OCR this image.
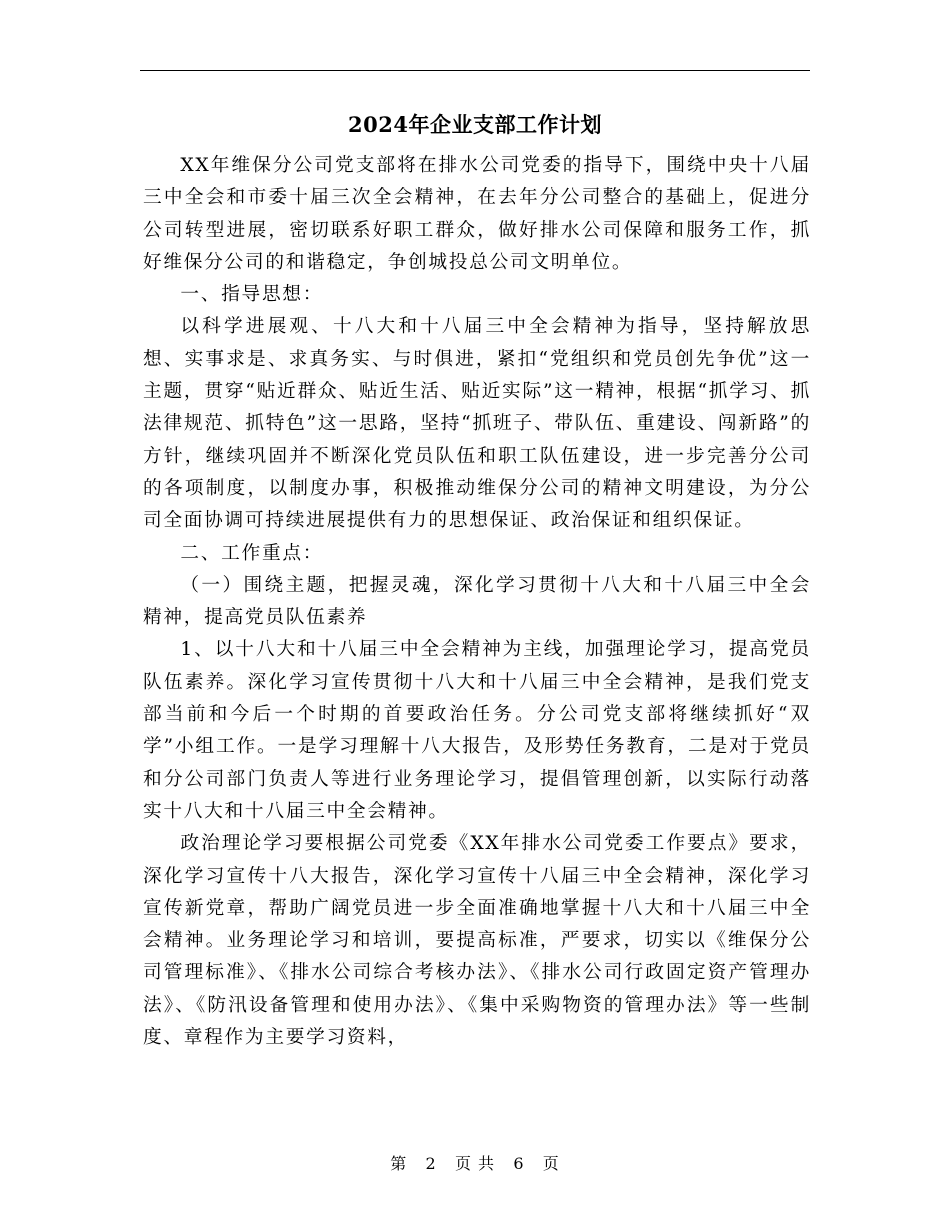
2024年企业支部工作计划

XX年维保分公司党支部将在排水公司党委的指导下，围绕中央十八届三中全会和市委十届三次全会精神，在去年分公司整合的基础上，促进分公司转型进展，密切联系好职工群众，做好排水公司保障和服务工作，抓好维保分公司的和谐稳定，争创城投总公司文明单位。

一、指导思想：

以科学进展观、十八大和十八届三中全会精神为指导，坚持解放思想、实事求是、求真务实、与时俱进，紧扣“党组织和党员创先争优”这一主题，贯穿“贴近群众、贴近生活、贴近实际”这一精神，根据“抓学习、抓法律规范、抓特色”这一思路，坚持“抓班子、带队伍、重建设、闯新路”的方针，继续巩固并不断深化党员队伍和职工队伍建设，进一步完善分公司的各项制度，以制度办事，积极推动维保分公司的精神文明建设，为分公司全面协调可持续进展提供有力的思想保证、政治保证和组织保证。

二、工作重点：

（一）围绕主题，把握灵魂，深化学习贯彻十八大和十八届三中全会精神，提高党员队伍素养

1、以十八大和十八届三中全会精神为主线，加强理论学习，提高党员队伍素养。深化学习宣传贯彻十八大和十八届三中全会精神，是我们党支部当前和今后一个时期的首要政治任务。分公司党支部将继续抓好“双学”小组工作。一是学习理解十八大报告，及形势任务教育，二是对于党员和分公司部门负责人等进行业务理论学习，提倡管理创新，以实际行动落实十八大和十八届三中全会精神。

政治理论学习要根据公司党委《XX年排水公司党委工作要点》要求，深化学习宣传十八大报告，深化学习宣传十八届三中全会精神，深化学习宣传新党章，帮助广阔党员进一步全面准确地掌握十八大和十八届三中全会精神。业务理论学习和培训，要提高标准，严要求，切实以《维保分公司管理标准》、《排水公司综合考核办法》、《排水公司行政固定资产管理办法》、《防汛设备管理和使用办法》、《集中采购物资的管理办法》等一些制度、章程作为主要学习资料，

第 2 页 共 6 页
